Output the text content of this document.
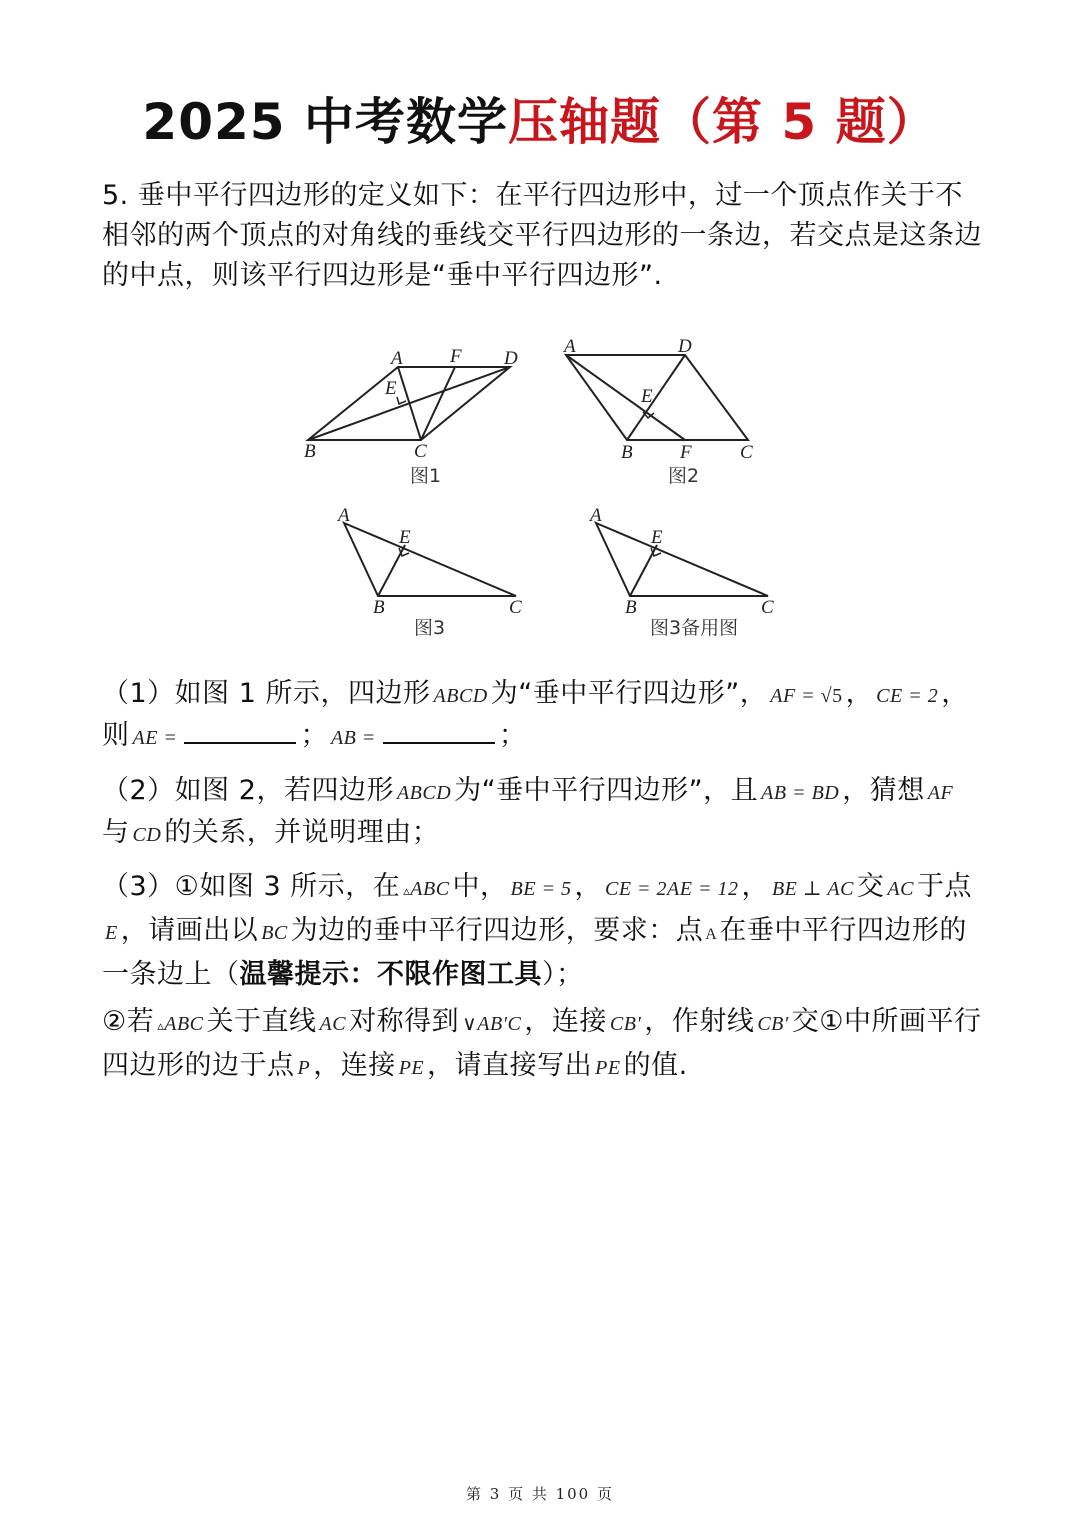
2025 中考数学压轴题（第 5 题）
5. 垂中平行四边形的定义如下：在平行四边形中，过一个顶点作关于不相邻的两个顶点的对角线的垂线交平行四边形的一条边，若交点是这条边的中点，则该平行四边形是“垂中平行四边形”.
A F D
E
B	C
图1
A	D
E
B F	C
图2
A
E
B	C
图3
A
E
B	C
图3备用图
（1）如图 1 所示，四边形 ABCD 为“垂中平行四边形”， AF = √5 ， CE = 2 ，
则 AE =	； AB =	；
（2）如图 2，若四边形 ABCD 为“垂中平行四边形”，且 AB = BD ，猜想 AF
与 CD 的关系，并说明理由；
（3）①如图 3 所示，在 ▵ABC 中， BE = 5 ， CE = 2AE = 12 ， BE ⊥ AC 交 AC 于点E ，请画出以 BC 为边的垂中平行四边形，要求：点 A在垂中平行四边形的一条边上（温馨提示：不限作图工具）；
②若 ▵ABC 关于直线 AC 对称得到 ∨AB′C ，连接 CB′ ，作射线 CB′ 交①中所画平行四边形的边于点 P ，连接 PE ，请直接写出 PE 的值.
第 3 页 共 100 页
